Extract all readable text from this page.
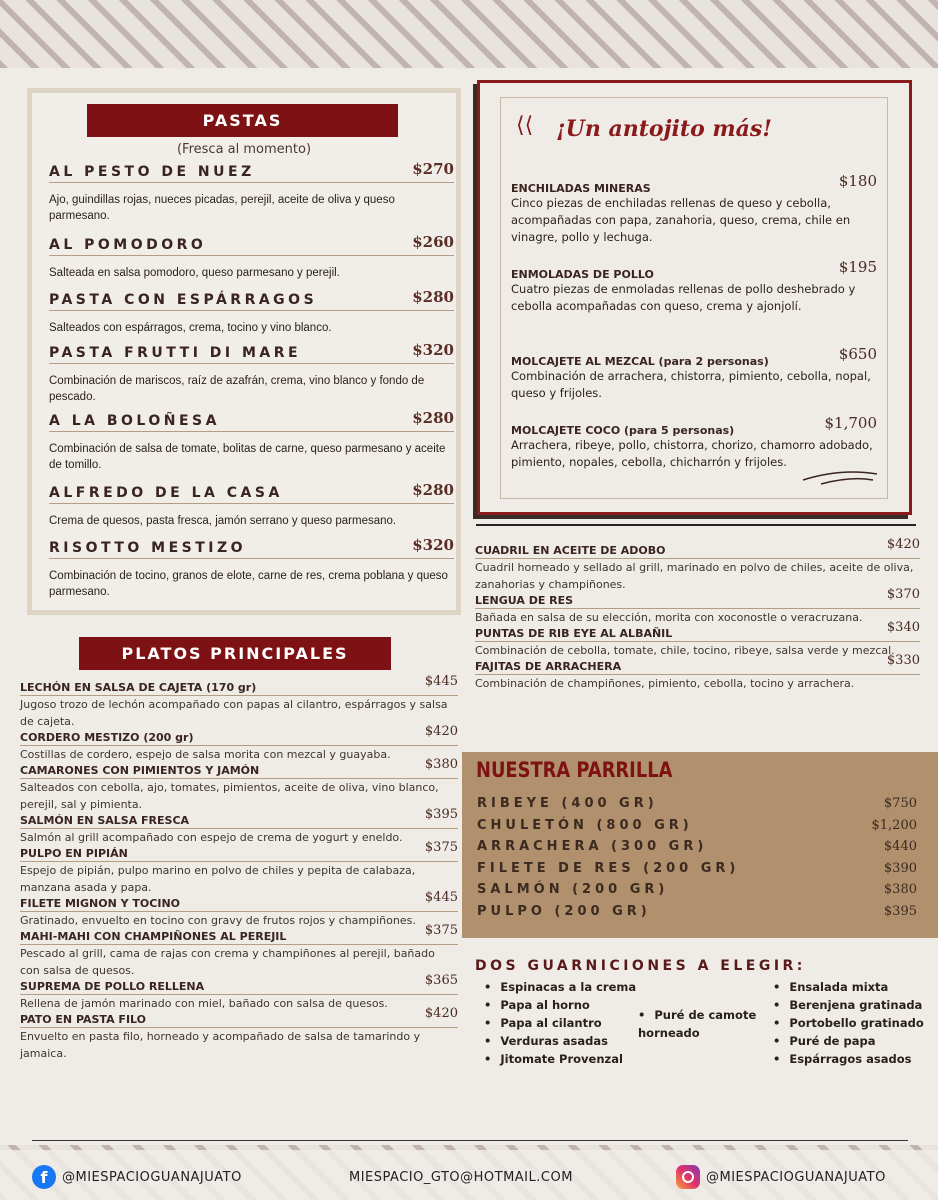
PASTAS
(Fresca al momento)
AL PESTO DE NUEZ	$270
Ajo, guindillas rojas, nueces picadas, perejil, aceite de oliva y queso parmesano.
AL POMODORO	$260
Salteada en salsa pomodoro, queso parmesano y perejil.
PASTA CON ESPÁRRAGOS	$280
Salteados con espárragos, crema, tocino y vino blanco.
PASTA FRUTTI DI MARE	$320
Combinación de mariscos, raíz de azafrán, crema, vino blanco y fondo de pescado.
A LA BOLOÑESA	$280
Combinación de salsa de tomate, bolitas de carne, queso parmesano y aceite de tomillo.
ALFREDO DE LA CASA	$280
Crema de quesos, pasta fresca, jamón serrano y queso parmesano.
RISOTTO MESTIZO	$320
Combinación de tocino, granos de elote, carne de res, crema poblana y queso parmesano.
PLATOS PRINCIPALES
LECHÓN EN SALSA DE CAJETA (170 gr)	$445
Jugoso trozo de lechón acompañado con papas al cilantro, espárragos y salsa de cajeta.
CORDERO MESTIZO (200 gr)	$420
Costillas de cordero, espejo de salsa morita con mezcal y guayaba.
CAMARONES CON PIMIENTOS Y JAMÓN	$380
Salteados con cebolla, ajo, tomates, pimientos, aceite de oliva, vino blanco, perejil, sal y pimienta.
SALMÓN EN SALSA FRESCA	$395
Salmón al grill acompañado con espejo de crema de yogurt y eneldo.
PULPO EN PIPIÁN	$375
Espejo de pipián, pulpo marino en polvo de chiles y pepita de calabaza, manzana asada y papa.
FILETE MIGNON Y TOCINO	$445
Gratinado, envuelto en tocino con gravy de frutos rojos y champiñones.
MAHI-MAHI CON CHAMPIÑONES AL PEREJIL	$375
Pescado al grill, cama de rajas con crema y champiñones al perejil, bañado con salsa de quesos.
SUPREMA DE POLLO RELLENA	$365
Rellena de jamón marinado con miel, bañado con salsa de quesos.
PATO EN PASTA FILO	$420
Envuelto en pasta filo, horneado y acompañado de salsa de tamarindo y jamaica.
⟨⟨ ¡Un antojito más!
ENCHILADAS MINERAS	$180
Cinco piezas de enchiladas rellenas de queso y cebolla, acompañadas con papa, zanahoria, queso, crema, chile en vinagre, pollo y lechuga.
ENMOLADAS DE POLLO	$195
Cuatro piezas de enmoladas rellenas de pollo deshebrado y cebolla acompañadas con queso, crema y ajonjolí.
MOLCAJETE AL MEZCAL (para 2 personas)	$650
Combinación de arrachera, chistorra, pimiento, cebolla, nopal, queso y frijoles.
MOLCAJETE COCO (para 5 personas)	$1,700
Arrachera, ribeye, pollo, chistorra, chorizo, chamorro adobado, pimiento, nopales, cebolla, chicharrón y frijoles.
CUADRIL EN ACEITE DE ADOBO	$420
Cuadril horneado y sellado al grill, marinado en polvo de chiles, aceite de oliva, zanahorias y champiñones.
LENGUA DE RES	$370
Bañada en salsa de su elección, morita con xoconostle o veracruzana.
PUNTAS DE RIB EYE AL ALBAÑIL	$340
Combinación de cebolla, tomate, chile, tocino, ribeye, salsa verde y mezcal.
FAJITAS DE ARRACHERA	$330
Combinación de champiñones, pimiento, cebolla, tocino y arrachera.
NUESTRA PARRILLA
RIBEYE (400 GR)	$750
CHULETÓN (800 GR)	$1,200
ARRACHERA (300 GR)	$440
FILETE DE RES (200 GR)	$390
SALMÓN (200 GR)	$380
PULPO (200 GR)	$395
DOS GUARNICIONES A ELEGIR:
• Espinacas a la crema
• Papa al horno
• Papa al cilantro
• Verduras asadas
• Jitomate Provenzal
• Puré de camote horneado
• Ensalada mixta
• Berenjena gratinada
• Portobello gratinado
• Puré de papa
• Espárragos asados
f	@MIESPACIOGUANAJUATO	MIESPACIO_GTO@HOTMAIL.COM	@MIESPACIOGUANAJUATO
